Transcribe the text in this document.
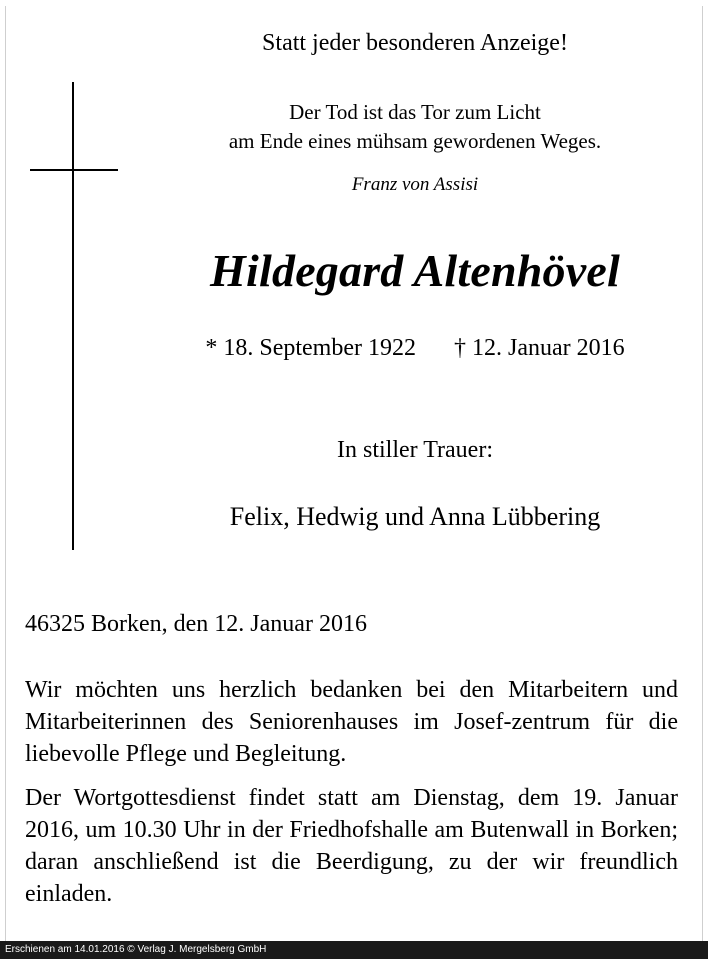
Statt jeder besonderen Anzeige!
Der Tod ist das Tor zum Licht
am Ende eines mühsam gewordenen Weges.
Franz von Assisi
Hildegard Altenhövel
* 18. September 1922 † 12. Januar 2016
In stiller Trauer:
Felix, Hedwig und Anna Lübbering
46325 Borken, den 12. Januar 2016
Wir möchten uns herzlich bedanken bei den Mitarbeitern und Mitarbeiterinnen des Seniorenhauses im Josef-zentrum für die liebevolle Pflege und Begleitung.
Der Wortgottesdienst findet statt am Dienstag, dem 19. Januar 2016, um 10.30 Uhr in der Friedhofshalle am Butenwall in Borken; daran anschließend ist die Beerdigung, zu der wir freundlich einladen.
Erschienen am 14.01.2016 © Verlag J. Mergelsberg GmbH
